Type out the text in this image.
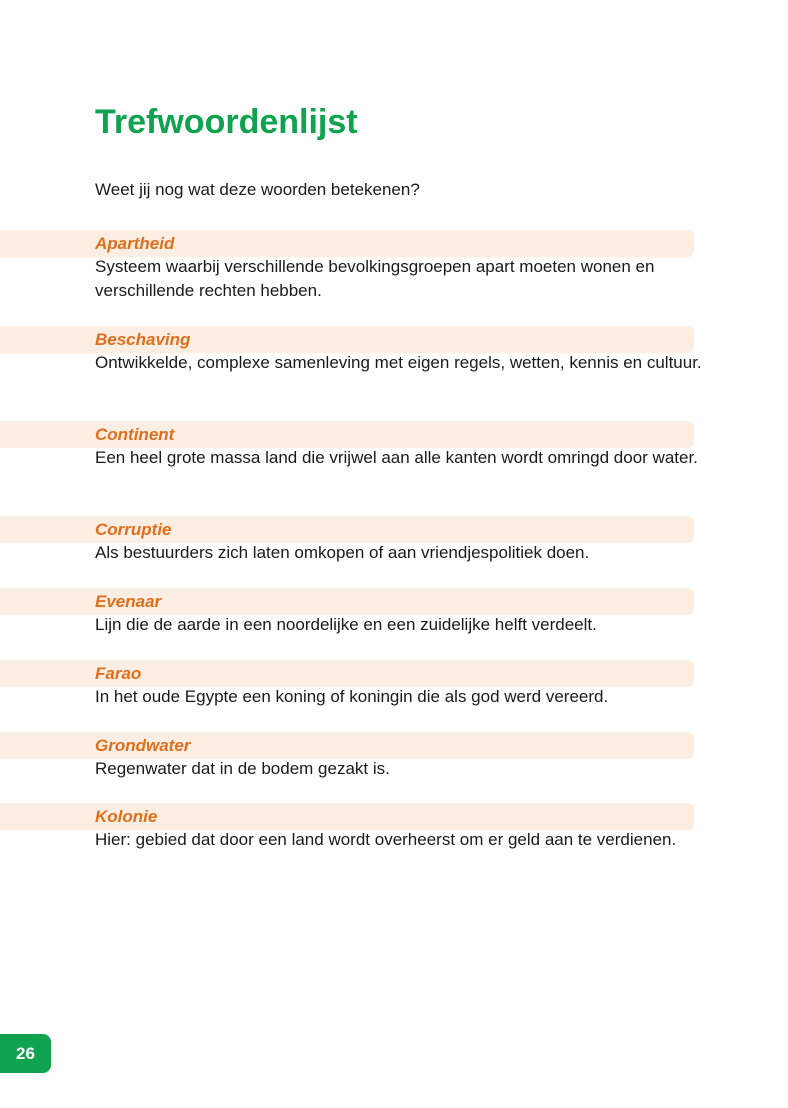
Trefwoordenlijst
Weet jij nog wat deze woorden betekenen?
Apartheid
Systeem waarbij verschillende bevolkingsgroepen apart moeten wonen en verschillende rechten hebben.
Beschaving
Ontwikkelde, complexe samenleving met eigen regels, wetten, kennis en cultuur.
Continent
Een heel grote massa land die vrijwel aan alle kanten wordt omringd door water.
Corruptie
Als bestuurders zich laten omkopen of aan vriendjespolitiek doen.
Evenaar
Lijn die de aarde in een noordelijke en een zuidelijke helft verdeelt.
Farao
In het oude Egypte een koning of koningin die als god werd vereerd.
Grondwater
Regenwater dat in de bodem gezakt is.
Kolonie
Hier: gebied dat door een land wordt overheerst om er geld aan te verdienen.
26
